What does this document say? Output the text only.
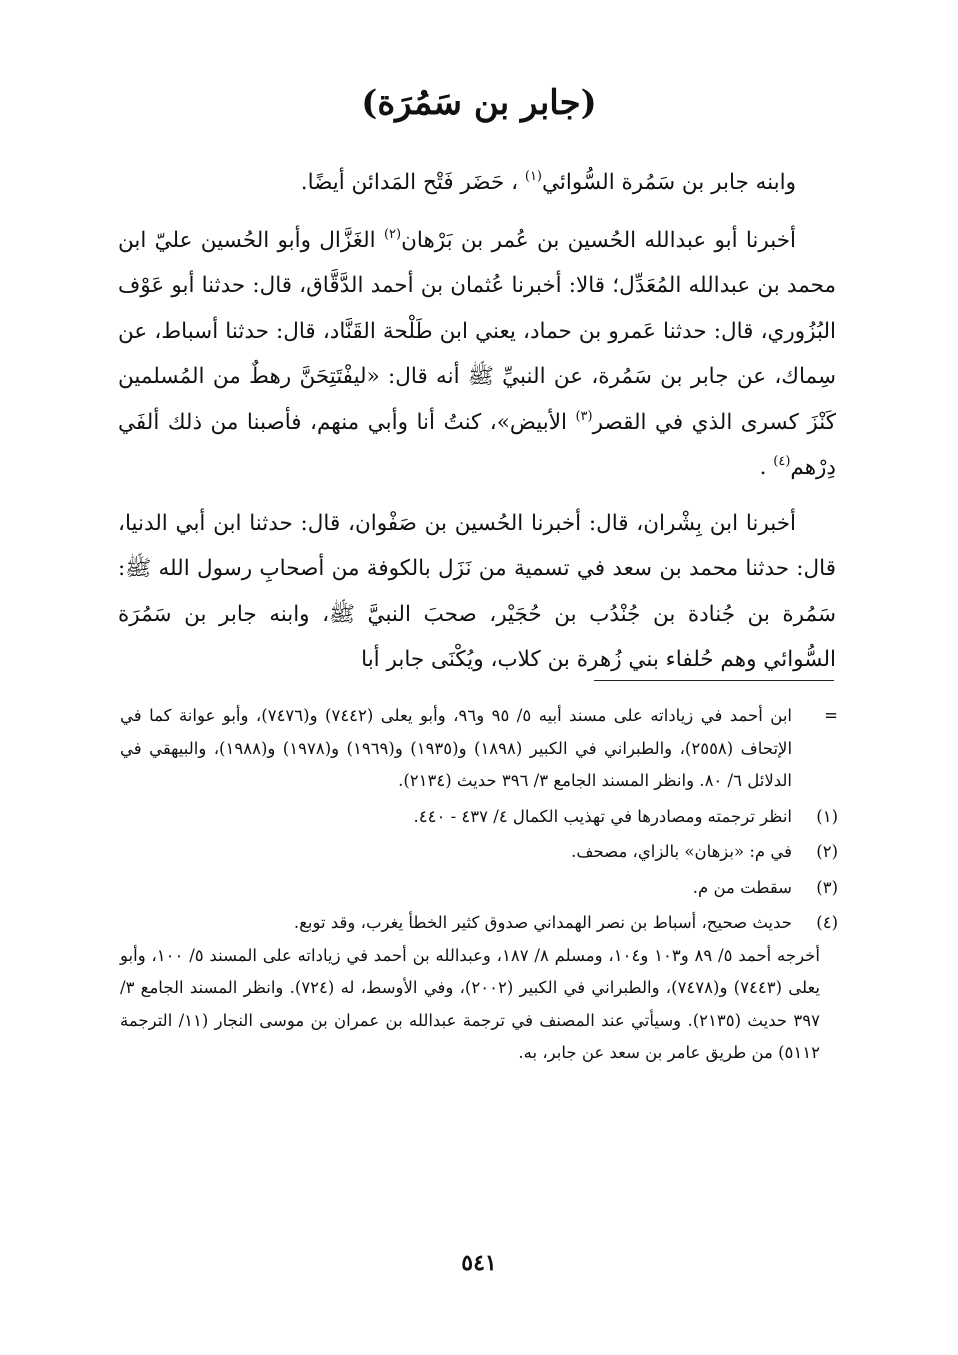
(جابر بن سَمُرَة)

وابنه جابر بن سَمُرة السُّوائي$^{(١)}$ ، حَضَر فَتْح المَدائن أيضًا.

أخبرنا أبو عبدالله الحُسين بن عُمر بن بَرْهان$^{(٢)}$ الغَزَّال وأبو الحُسين عليّ ابن محمد بن عبدالله المُعَدِّل؛ قالا: أخبرنا عُثمان بن أحمد الدَّقَّاق، قال: حدثنا أبو عَوْف البُزُوري، قال: حدثنا عَمرو بن حماد، يعني ابن طَلْحة القَنَّاد، قال: حدثنا أسباط، عن سِماك، عن جابر بن سَمُرة، عن النبيِّ ﷺ أنه قال: «ليفْتَتِحَنَّ رهطٌ من المُسلمين كَنْزَ كسرى الذي في القصر$^{(٣)}$ الأبيض»، كنتُ أنا وأبي منهم، فأصبنا من ذلك ألفَي دِرْهم$^{(٤)}$ .

أخبرنا ابن بِشْران، قال: أخبرنا الحُسين بن صَفْوان، قال: حدثنا ابن أبي الدنيا، قال: حدثنا محمد بن سعد في تسمية من نَزَل بالكوفة من أصحابِ رسول الله ﷺ: سَمُرة بن جُنادة بن جُنْدُب بن حُجَيْر، صحبَ النبيَّ ﷺ، وابنه جابر بن سَمُرَة السُّوائي وهم حُلفاء بني زُهرة بن كلاب، ويُكْنَى جابر أبا

=
ابن أحمد في زياداته على مسند أبيه ٥/ ٩٥ و٩٦، وأبو يعلى (٧٤٤٢) و(٧٤٧٦)، وأبو عوانة كما في الإتحاف (٢٥٥٨)، والطبراني في الكبير (١٨٩٨) و(١٩٣٥) و(١٩٦٩) و(١٩٧٨) و(١٩٨٨)، والبيهقي في الدلائل ٦/ ٨٠. وانظر المسند الجامع ٣/ ٣٩٦ حديث (٢١٣٤).
(١)
انظر ترجمته ومصادرها في تهذيب الكمال ٤/ ٤٣٧ - ٤٤٠.
(٢)
في م: «بزهان» بالزاي، مصحف.
(٣)
سقطت من م.
(٤)

حديث صحيح، أسباط بن نصر الهمداني صدوق كثير الخطأ يغرب، وقد توبع.

أخرجه أحمد ٥/ ٨٩ و١٠٣ و١٠٤، ومسلم ٨/ ١٨٧، وعبدالله بن أحمد في زياداته على المسند ٥/ ١٠٠، وأبو يعلى (٧٤٤٣) و(٧٤٧٨)، والطبراني في الكبير (٢٠٠٢)، وفي الأوسط، له (٧٢٤). وانظر المسند الجامع ٣/ ٣٩٧ حديث (٢١٣٥). وسيأتي عند المصنف في ترجمة عبدالله بن عمران بن موسى النجار (١١/ الترجمة ٥١١٢) من طريق عامر بن سعد عن جابر، به.
٥٤١
